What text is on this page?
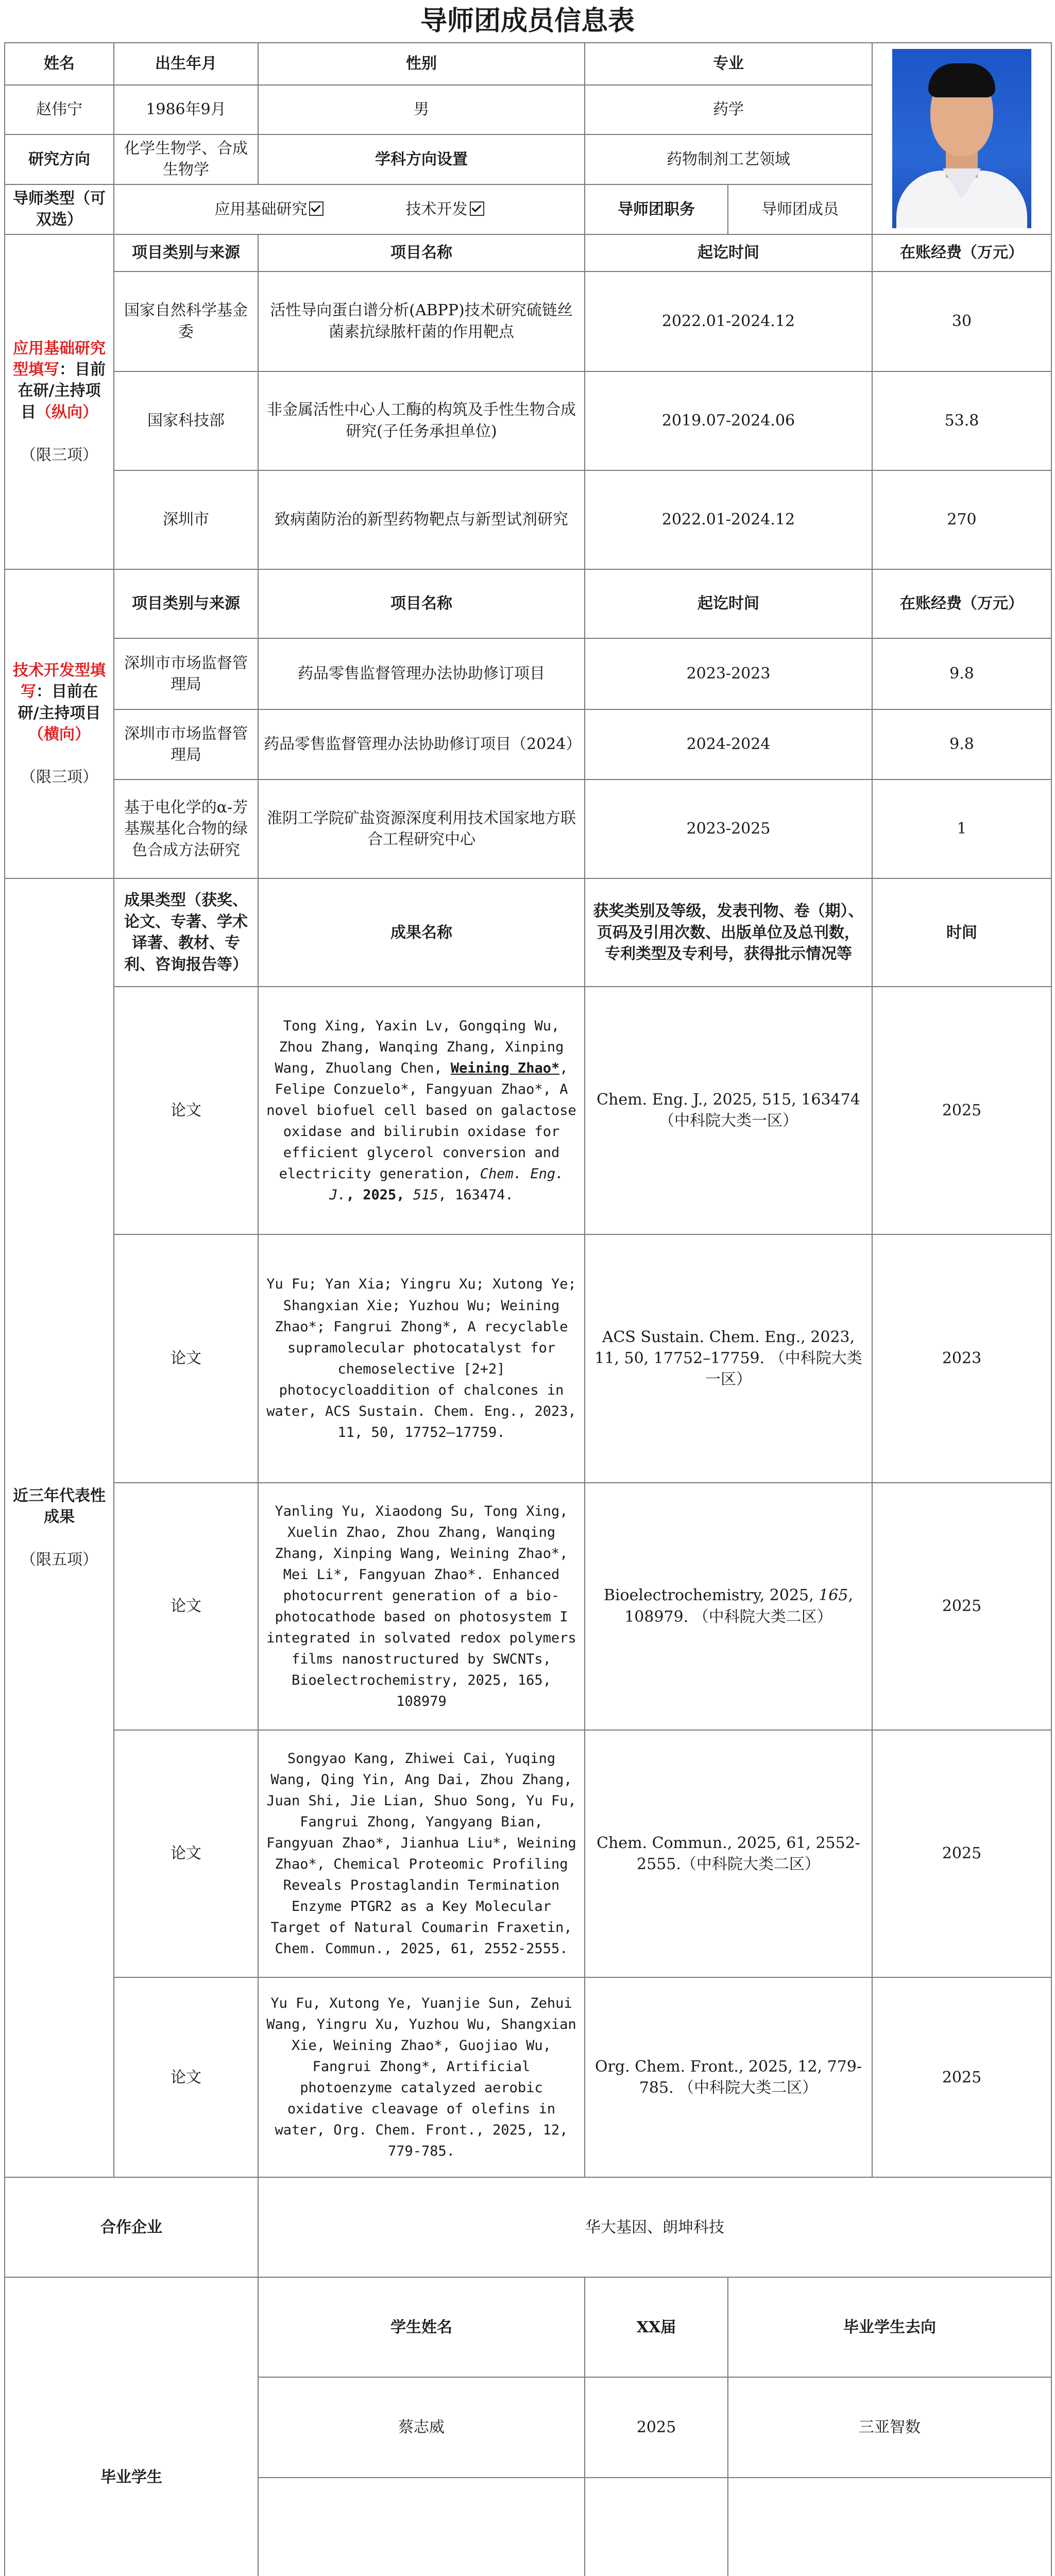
导师团成员信息表
姓名	出生年月	性别	专业		

赵伟宁	1986年9月	男	药学		
研究方向	化学生物学、合成生物学	学科方向设置	药物制剂工艺领域		
导师类型（可双选）	应用基础研究 技术开发		导师团职务	导师团成员	
应用基础研究型填写：目前在研/主持项目（纵向）

（限三项）	项目类别与来源	项目名称	起讫时间		在账经费（万元）
	国家自然科学基金委	活性导向蛋白谱分析(ABPP)技术研究硫链丝菌素抗绿脓杆菌的作用靶点	2022.01-2024.12		30
	国家科技部	非金属活性中心人工酶的构筑及手性生物合成研究(子任务承担单位)	2019.07-2024.06		53.8
	深圳市	致病菌防治的新型药物靶点与新型试剂研究	2022.01-2024.12		270
技术开发型填写：目前在研/主持项目（横向）

（限三项）	项目类别与来源	项目名称	起讫时间		在账经费（万元）
	深圳市市场监督管理局	药品零售监督管理办法协助修订项目	2023-2023		9.8
	深圳市市场监督管理局	药品零售监督管理办法协助修订项目（2024）	2024-2024		9.8
	基于电化学的α-芳基羰基化合物的绿色合成方法研究	淮阴工学院矿盐资源深度利用技术国家地方联合工程研究中心	2023-2025		1
近三年代表性成果

（限五项）	成果类型（获奖、论文、专著、学术译著、教材、专利、咨询报告等）	成果名称	获奖类别及等级，发表刊物、卷（期）、页码及引用次数、出版单位及总刊数，专利类型及专利号，获得批示情况等		时间
	论文	Tong Xing, Yaxin Lv, Gongqing Wu, Zhou Zhang, Wanqing Zhang, Xinping Wang, Zhuolang Chen, Weining Zhao*, Felipe Conzuelo*, Fangyuan Zhao*, A novel biofuel cell based on galactose oxidase and bilirubin oxidase for efficient glycerol conversion and electricity generation, Chem. Eng. J., 2025, 515, 163474.	Chem. Eng. J., 2025, 515, 163474（中科院大类一区）		2025
	论文	Yu Fu; Yan Xia; Yingru Xu; Xutong Ye; Shangxian Xie; Yuzhou Wu; Weining Zhao*; Fangrui Zhong*, A recyclable supramolecular photocatalyst for chemoselective [2+2] photocycloaddition of chalcones in water, ACS Sustain. Chem. Eng., 2023, 11, 50, 17752–17759.	ACS Sustain. Chem. Eng., 2023, 11, 50, 17752–17759. （中科院大类一区）		2023
	论文	Yanling Yu, Xiaodong Su, Tong Xing, Xuelin Zhao, Zhou Zhang, Wanqing Zhang, Xinping Wang, Weining Zhao*, Mei Li*, Fangyuan Zhao*. Enhanced photocurrent generation of a bio-photocathode based on photosystem I integrated in solvated redox polymers films nanostructured by SWCNTs, Bioelectrochemistry, 2025, 165, 108979	Bioelectrochemistry, 2025, 165, 108979. （中科院大类二区）		2025
	论文	Songyao Kang, Zhiwei Cai, Yuqing Wang, Qing Yin, Ang Dai, Zhou Zhang, Juan Shi, Jie Lian, Shuo Song, Yu Fu, Fangrui Zhong, Yangyang Bian, Fangyuan Zhao*, Jianhua Liu*, Weining Zhao*, Chemical Proteomic Profiling Reveals Prostaglandin Termination Enzyme PTGR2 as a Key Molecular Target of Natural Coumarin Fraxetin, Chem. Commun., 2025, 61, 2552-2555.	Chem. Commun., 2025, 61, 2552-2555.（中科院大类二区）		2025
	论文	Yu Fu, Xutong Ye, Yuanjie Sun, Zehui Wang, Yingru Xu, Yuzhou Wu, Shangxian Xie, Weining Zhao*, Guojiao Wu, Fangrui Zhong*, Artificial photoenzyme catalyzed aerobic oxidative cleavage of olefins in water, Org. Chem. Front., 2025, 12, 779-785.	Org. Chem. Front., 2025, 12, 779-785. （中科院大类二区）		2025
合作企业		华大基因、朗坤科技			
毕业学生		学生姓名	XX届	毕业学生去向	
		蔡志威	2025	三亚智数	
